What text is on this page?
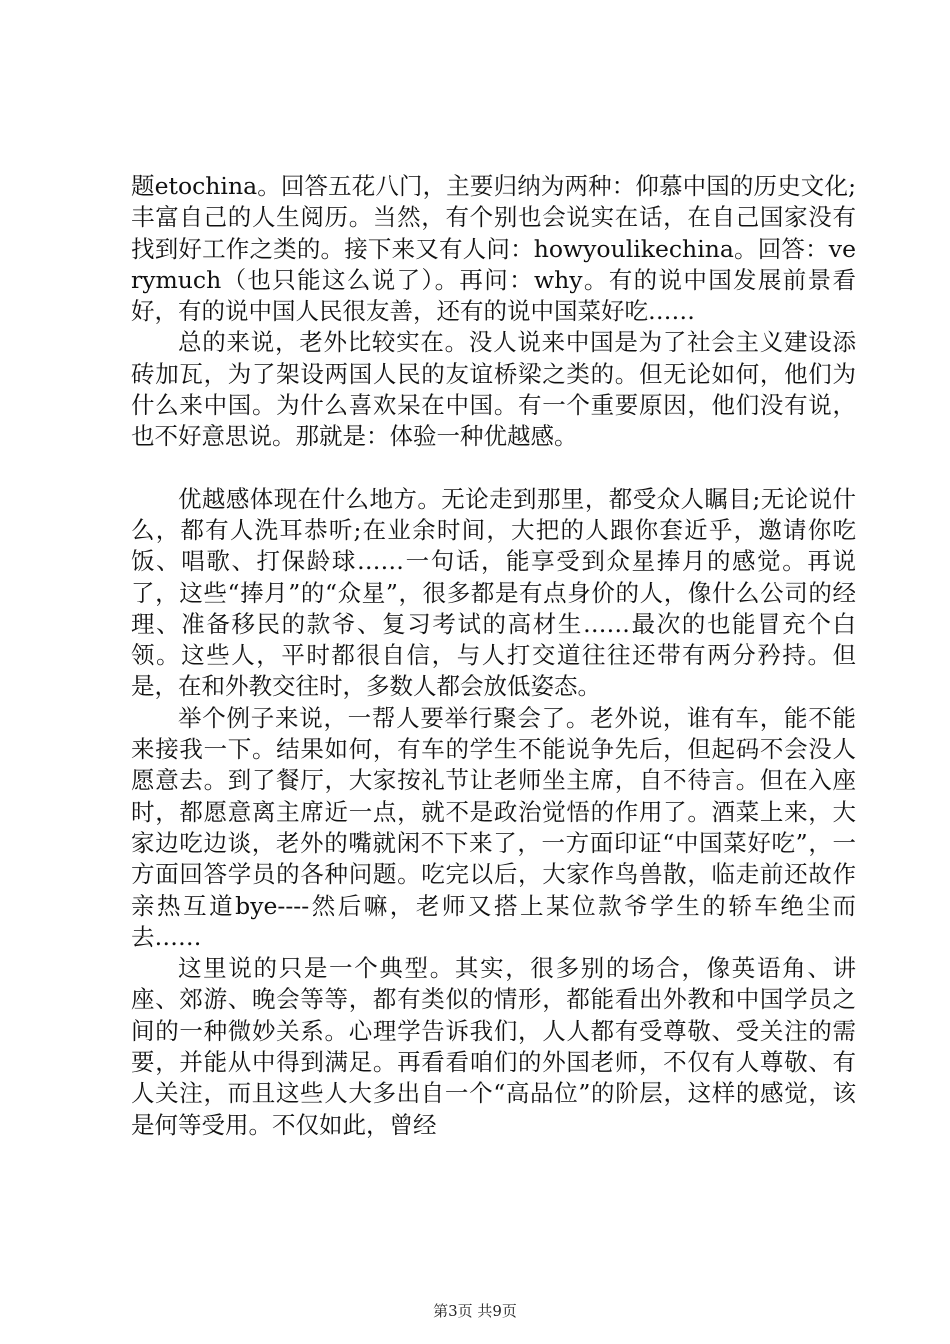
题etochina。回答五花八门，主要归纳为两种：仰慕中国的历史文化;丰富自己的人生阅历。当然，有个别也会说实在话，在自己国家没有找到好工作之类的。接下来又有人问：howyoulikechina。回答：verymuch（也只能这么说了）。再问：why。有的说中国发展前景看好，有的说中国人民很友善，还有的说中国菜好吃……

总的来说，老外比较实在。没人说来中国是为了社会主义建设添砖加瓦，为了架设两国人民的友谊桥梁之类的。但无论如何，他们为什么来中国。为什么喜欢呆在中国。有一个重要原因，他们没有说，也不好意思说。那就是：体验一种优越感。

优越感体现在什么地方。无论走到那里，都受众人瞩目;无论说什么，都有人洗耳恭听;在业余时间，大把的人跟你套近乎，邀请你吃饭、唱歌、打保龄球……一句话，能享受到众星捧月的感觉。再说了，这些“捧月”的“众星”，很多都是有点身价的人，像什么公司的经理、准备移民的款爷、复习考试的高材生……最次的也能冒充个白领。这些人，平时都很自信，与人打交道往往还带有两分矜持。但是，在和外教交往时，多数人都会放低姿态。

举个例子来说，一帮人要举行聚会了。老外说，谁有车，能不能来接我一下。结果如何，有车的学生不能说争先后，但起码不会没人愿意去。到了餐厅，大家按礼节让老师坐主席，自不待言。但在入座时，都愿意离主席近一点，就不是政治觉悟的作用了。酒菜上来，大家边吃边谈，老外的嘴就闲不下来了，一方面印证“中国菜好吃”，一方面回答学员的各种问题。吃完以后，大家作鸟兽散，临走前还故作亲热互道bye----然后嘛，老师又搭上某位款爷学生的轿车绝尘而去……

这里说的只是一个典型。其实，很多别的场合，像英语角、讲座、郊游、晚会等等，都有类似的情形，都能看出外教和中国学员之间的一种微妙关系。心理学告诉我们，人人都有受尊敬、受关注的需要，并能从中得到满足。再看看咱们的外国老师，不仅有人尊敬、有人关注，而且这些人大多出自一个“高品位”的阶层，这样的感觉，该是何等受用。不仅如此，曾经

第3页 共9页
